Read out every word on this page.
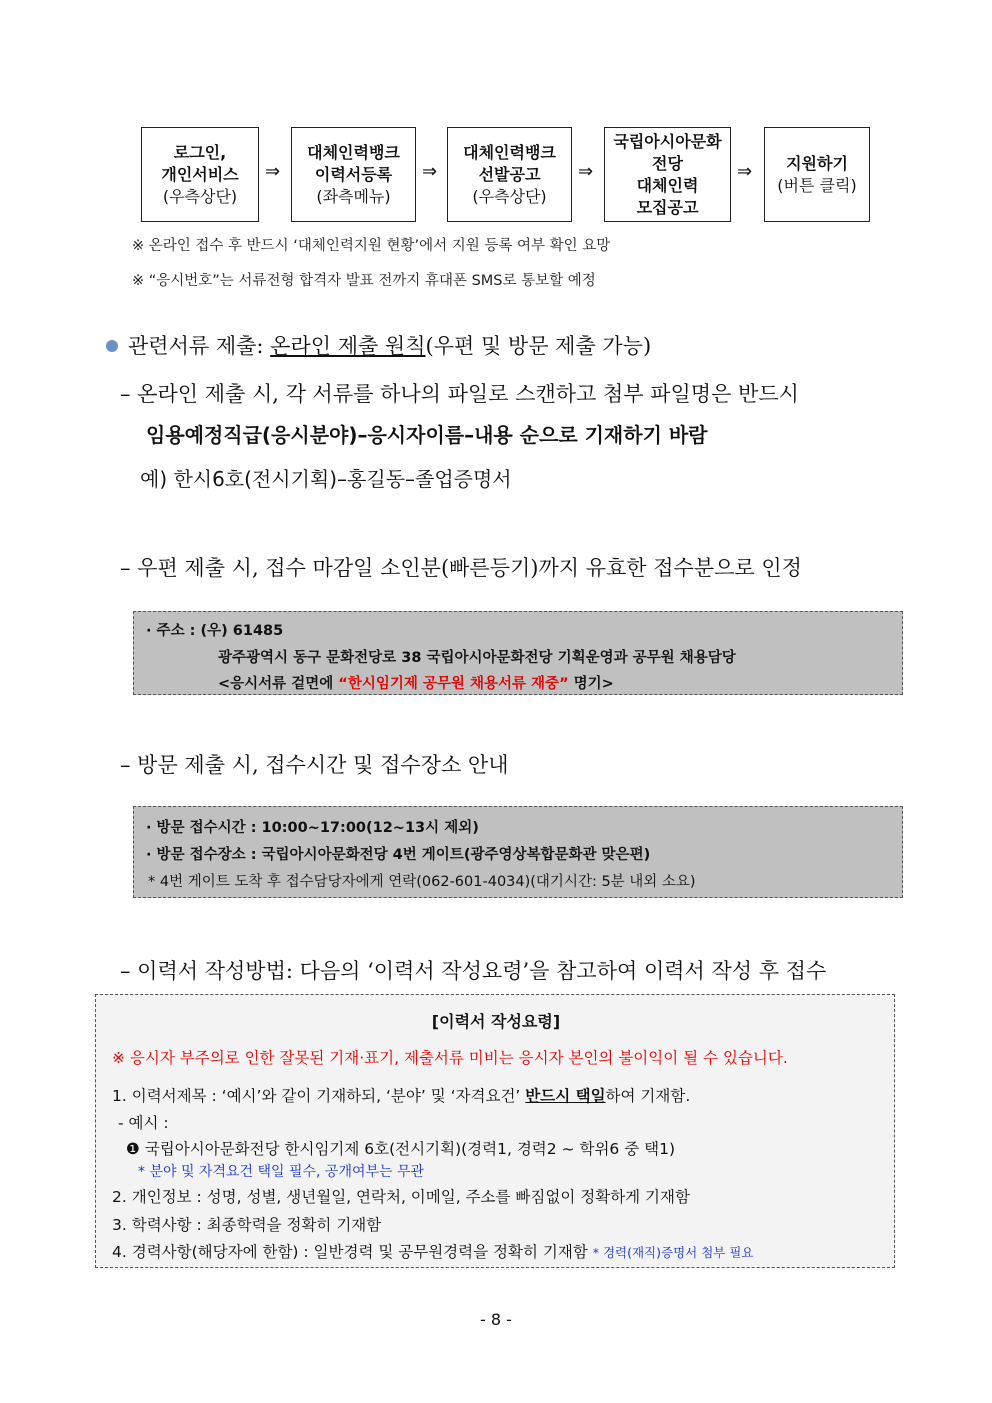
로그인,
개인서비스
(우측상단)
⇒
대체인력뱅크
이력서등록
(좌측메뉴)
⇒
대체인력뱅크
선발공고
(우측상단)
⇒
국립아시아문화
전당
대체인력
모집공고
⇒ 지원하기
(버튼 클릭)
※ 온라인 접수 후 반드시 ‘대체인력지원 현황’에서 지원 등록 여부 확인 요망
※ “응시번호”는 서류전형 합격자 발표 전까지 휴대폰 SMS로 통보할 예정
관련서류 제출: 온라인 제출 원칙(우편 및 방문 제출 가능)
– 온라인 제출 시, 각 서류를 하나의 파일로 스캔하고 첨부 파일명은 반드시
임용예정직급(응시분야)–응시자이름–내용 순으로 기재하기 바람
예) 한시6호(전시기획)–홍길동–졸업증명서
– 우편 제출 시, 접수 마감일 소인분(빠른등기)까지 유효한 접수분으로 인정
· 주소 : (우) 61485
광주광역시 동구 문화전당로 38 국립아시아문화전당 기획운영과 공무원 채용담당
<응시서류 겉면에 “한시임기제 공무원 채용서류 재중” 명기>
– 방문 제출 시, 접수시간 및 접수장소 안내
· 방문 접수시간 : 10:00~17:00(12~13시 제외)
· 방문 접수장소 : 국립아시아문화전당 4번 게이트(광주영상복합문화관 맞은편)
* 4번 게이트 도착 후 접수담당자에게 연락(062-601-4034)(대기시간: 5분 내외 소요)
– 이력서 작성방법: 다음의 ‘이력서 작성요령’을 참고하여 이력서 작성 후 접수
[이력서 작성요령]
※ 응시자 부주의로 인한 잘못된 기재·표기, 제출서류 미비는 응시자 본인의 불이익이 될 수 있습니다.
1. 이력서제목 : ‘예시’와 같이 기재하되, ‘분야’ 및 ‘자격요건’ 반드시 택일하여 기재함.
- 예시 :
❶ 국립아시아문화전당 한시임기제 6호(전시기획)(경력1, 경력2 ~ 학위6 중 택1)
* 분야 및 자격요건 택일 필수, 공개여부는 무관
2. 개인정보 : 성명, 성별, 생년월일, 연락처, 이메일, 주소를 빠짐없이 정확하게 기재함
3. 학력사항 : 최종학력을 정확히 기재함
4. 경력사항(해당자에 한함) : 일반경력 및 공무원경력을 정확히 기재함 * 경력(재직)증명서 첨부 필요
- 8 -
